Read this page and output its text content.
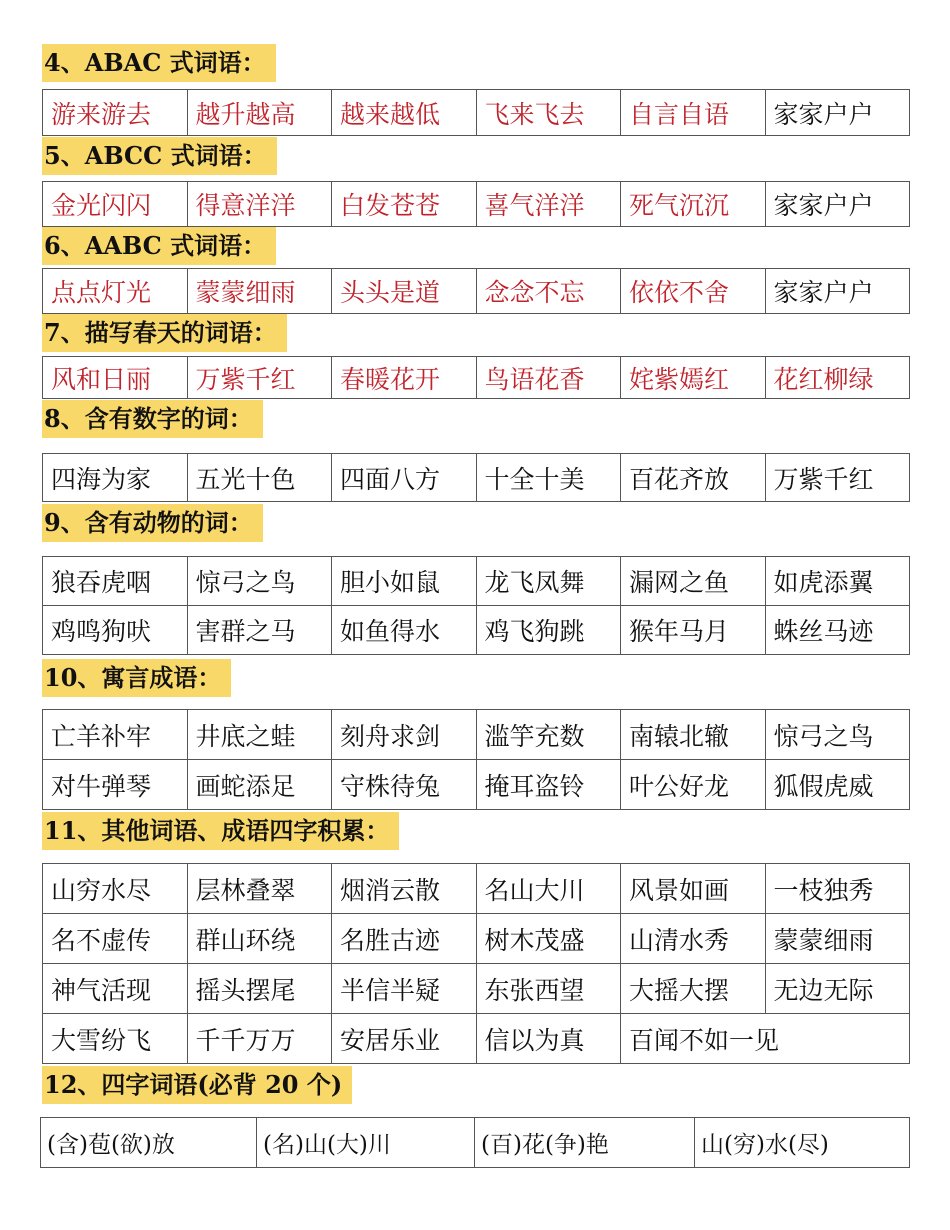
4、ABAC 式词语：
游来游去	越升越高	越来越低	飞来飞去	自言自语	家家户户
5、ABCC 式词语：
金光闪闪	得意洋洋	白发苍苍	喜气洋洋	死气沉沉	家家户户
6、AABC 式词语：
点点灯光	蒙蒙细雨	头头是道	念念不忘	依依不舍	家家户户
7、描写春天的词语：
风和日丽	万紫千红	春暖花开	鸟语花香	姹紫嫣红	花红柳绿
8、含有数字的词：
四海为家	五光十色	四面八方	十全十美	百花齐放	万紫千红
9、含有动物的词：
狼吞虎咽	惊弓之鸟	胆小如鼠	龙飞凤舞	漏网之鱼	如虎添翼
鸡鸣狗吠	害群之马	如鱼得水	鸡飞狗跳	猴年马月	蛛丝马迹
10、寓言成语：
亡羊补牢	井底之蛙	刻舟求剑	滥竽充数	南辕北辙	惊弓之鸟
对牛弹琴	画蛇添足	守株待兔	掩耳盗铃	叶公好龙	狐假虎威
11、其他词语、成语四字积累：
山穷水尽	层林叠翠	烟消云散	名山大川	风景如画	一枝独秀
名不虚传	群山环绕	名胜古迹	树木茂盛	山清水秀	蒙蒙细雨
神气活现	摇头摆尾	半信半疑	东张西望	大摇大摆	无边无际
大雪纷飞	千千万万	安居乐业	信以为真	百闻不如一见	
12、四字词语(必背 20 个)
(含)苞(欲)放	(名)山(大)川	(百)花(争)艳	山(穷)水(尽)
